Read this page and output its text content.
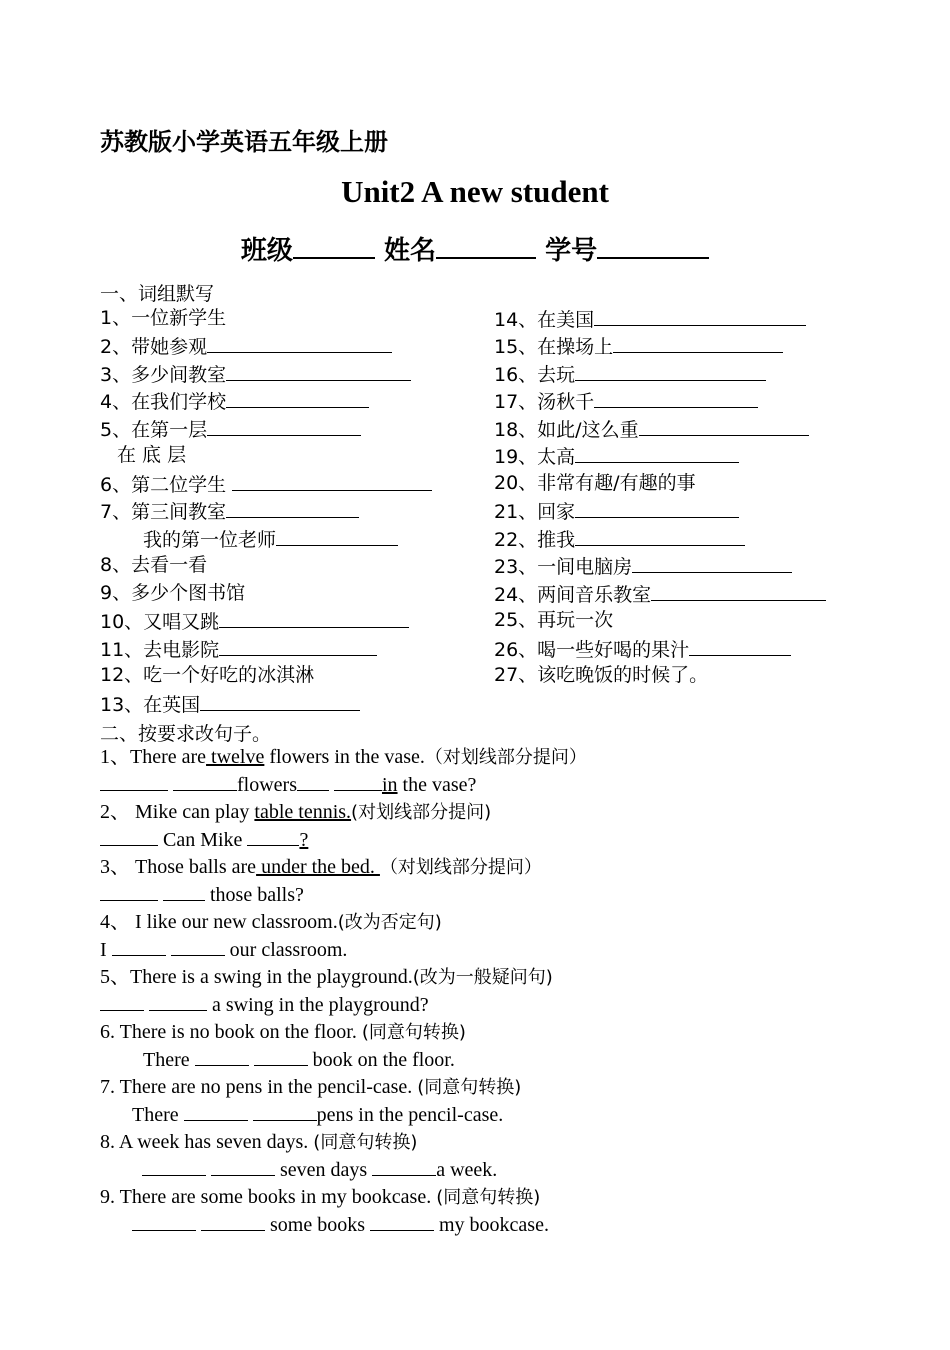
苏教版小学英语五年级上册
Unit2 A new student
班级	姓名	学号
一、词组默写
1、一位新学生
2、带她参观
3、多少间教室
4、在我们学校
5、在第一层
在 底 层
6、第二位学生
7、第三间教室
我的第一位老师
8、去看一看
9、多少个图书馆
10、又唱又跳
11、去电影院
12、吃一个好吃的冰淇淋
13、在英国
14、在美国
15、在操场上
16、去玩
17、汤秋千
18、如此/这么重
19、太高
20、非常有趣/有趣的事
21、回家
22、推我
23、一间电脑房
24、两间音乐教室
25、再玩一次
26、喝一些好喝的果汁
27、该吃晚饭的时候了。
二、按要求改句子。
1、There are twelve flowers in the vase.（对划线部分提问）
flowers	in the vase?
2、 Mike can play table tennis.(对划线部分提问)
Can Mike	?
3、 Those balls are under the bed. （对划线部分提问）
those balls?
4、 I like our new classroom.(改为否定句)
I	our classroom.
5、There is a swing in the playground.(改为一般疑问句)
a swing in the playground?
6. There is no book on the floor. (同意句转换)
There	book on the floor.
7. There are no pens in the pencil-case. (同意句转换)
There	pens in the pencil-case.
8. A week has seven days. (同意句转换)
seven days	a week.
9. There are some books in my bookcase. (同意句转换)
some books	my bookcase.
